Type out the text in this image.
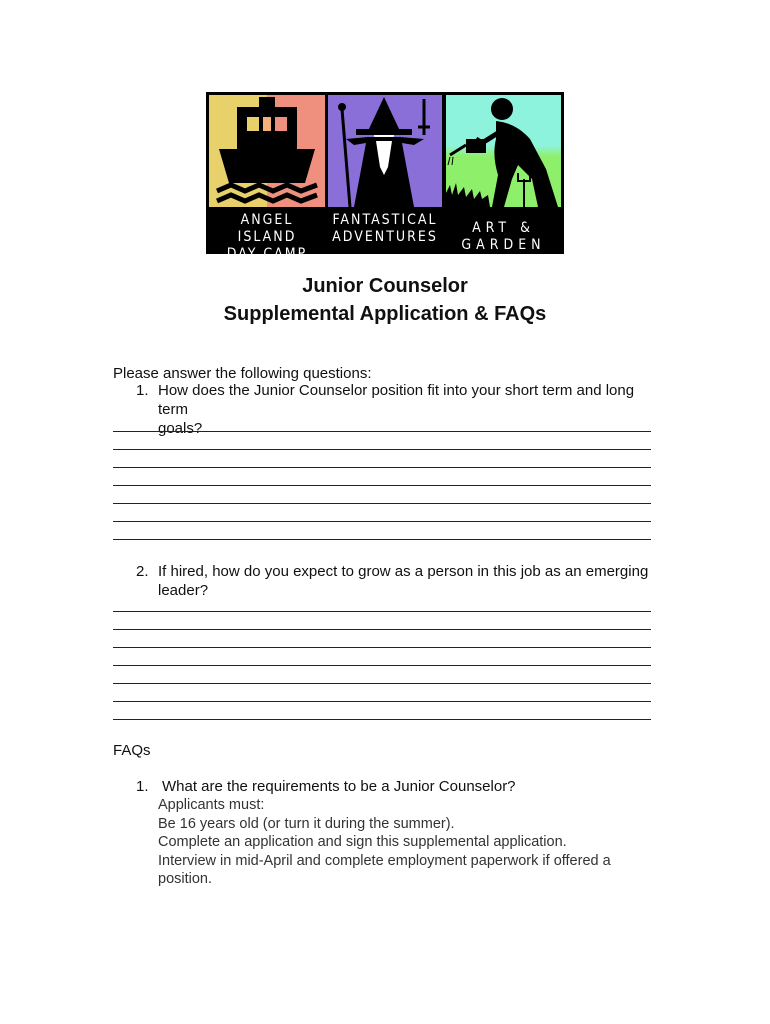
ANGEL ISLAND
DAY CAMP
FANTASTICAL
ADVENTURES
ART & GARDEN
Junior Counselor
Supplemental Application & FAQs
Please answer the following questions:
1. How does the Junior Counselor position fit into your short term and long term
goals?
2. If hired, how do you expect to grow as a person in this job as an emerging
leader?
FAQs
1. What are the requirements to be a Junior Counselor?
Applicants must:
Be 16 years old (or turn it during the summer).
Complete an application and sign this supplemental application.
Interview in mid-April and complete employment paperwork if offered a
position.
